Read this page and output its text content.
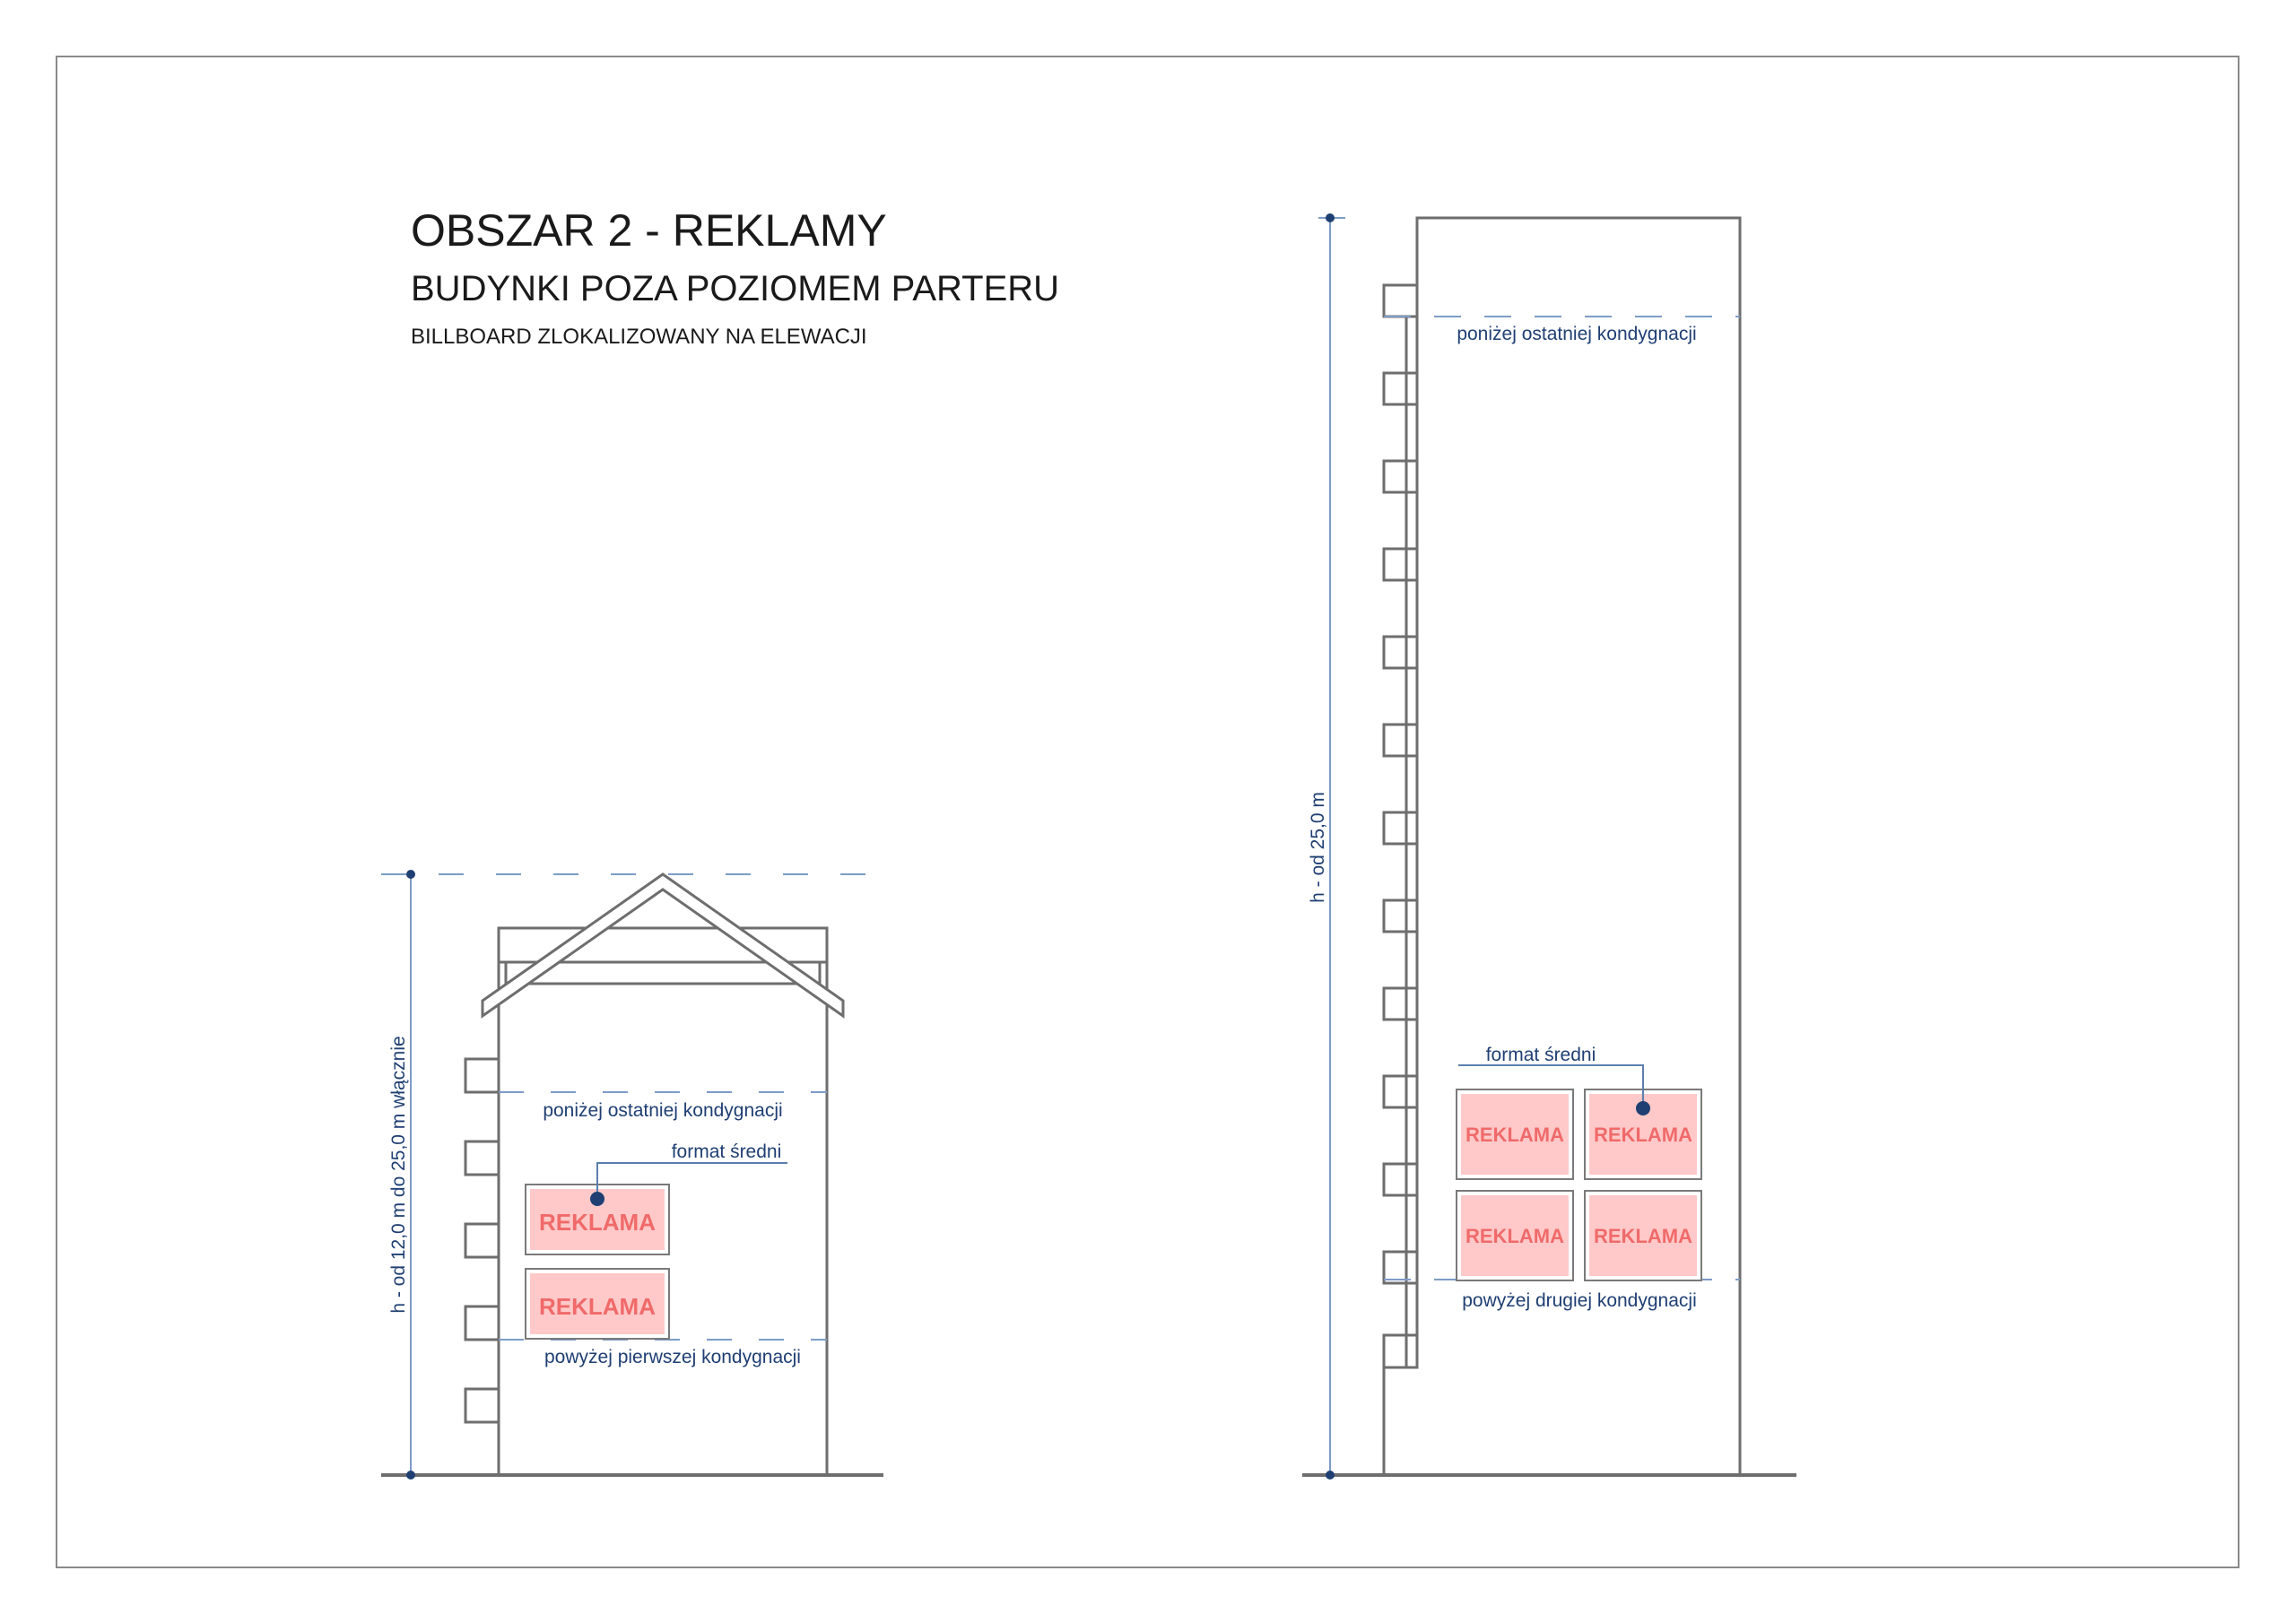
OBSZAR 2 - REKLAMY
BUDYNKI POZA POZIOMEM PARTERU
BILLBOARD ZLOKALIZOWANY NA ELEWACJI
h - od 12,0 m do 25,0 m włącznie	poniżej ostatniej kondygnacji
powyżej pierwszej kondygnacji
REKLAMA
REKLAMA
format średni
h - od 25,0 m
poniżej ostatniej kondygnacji
powyżej drugiej kondygnacji
REKLAMA REKLAMA
REKLAMA REKLAMA
format średni
